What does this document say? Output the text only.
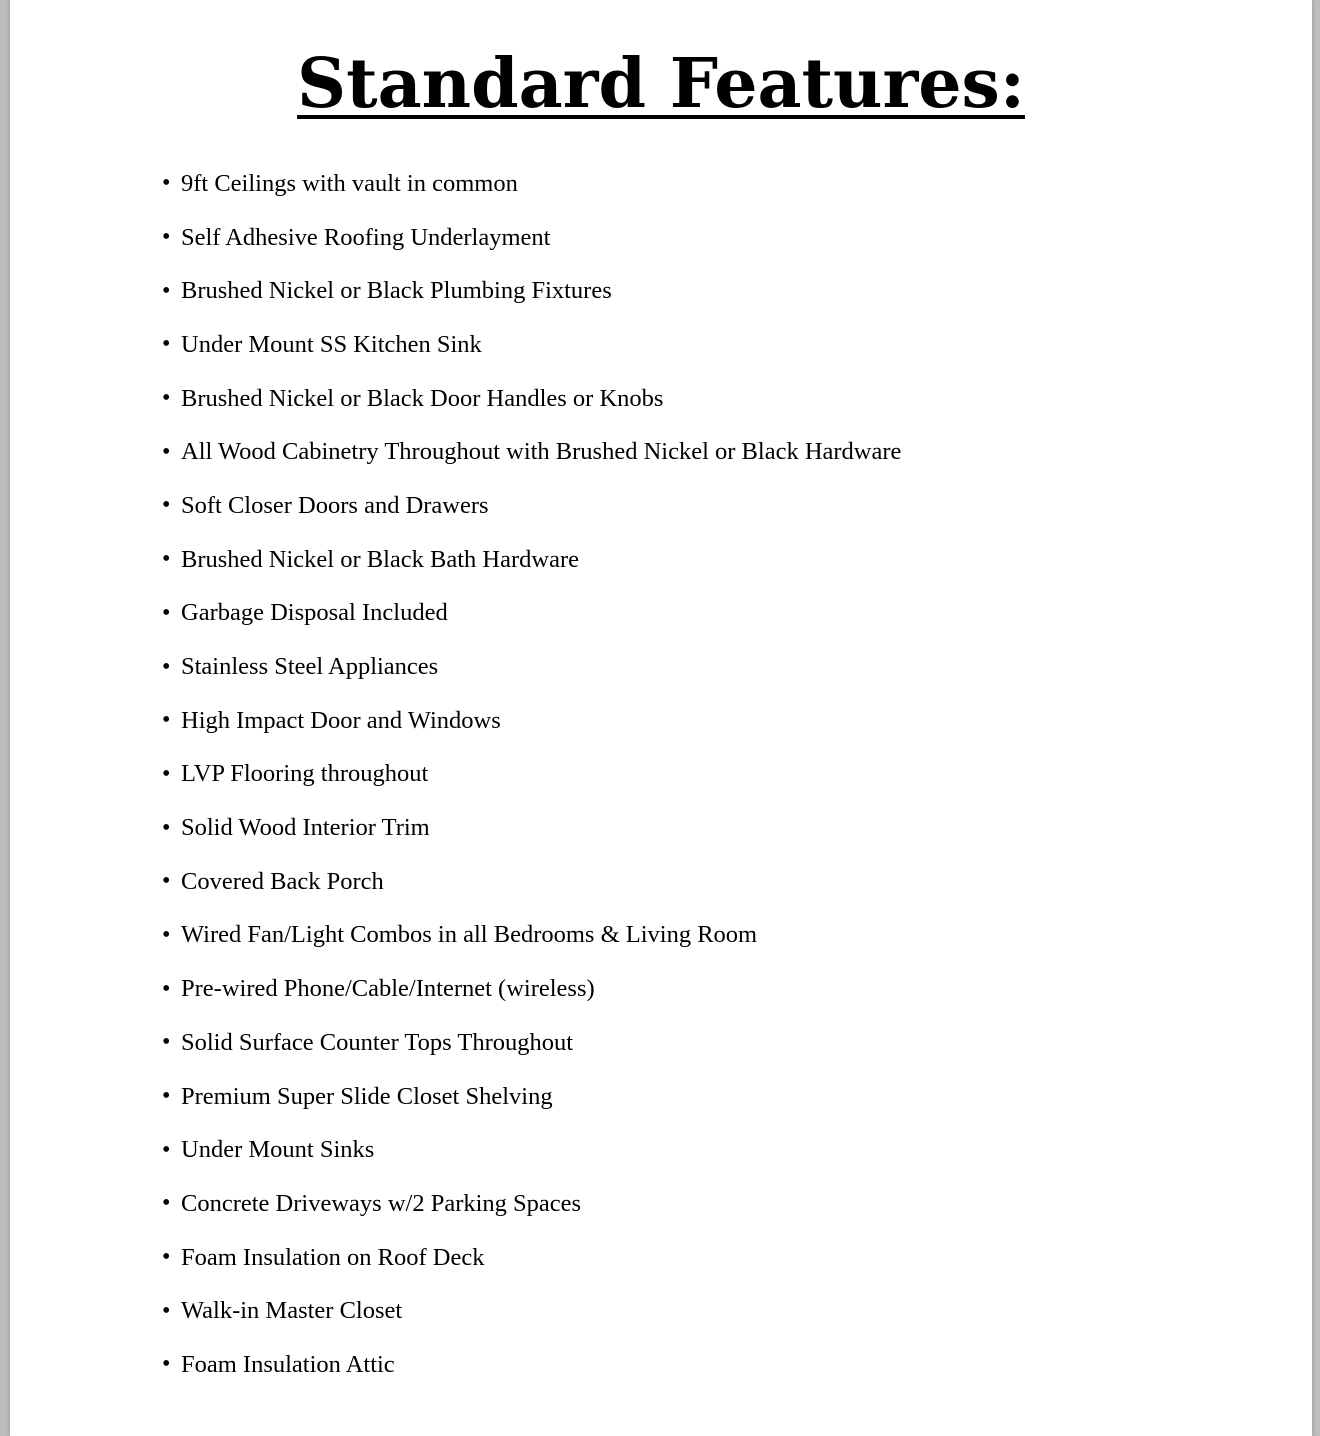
Standard Features:
• 9ft Ceilings with vault in common
• Self Adhesive Roofing Underlayment
• Brushed Nickel or Black Plumbing Fixtures
• Under Mount SS Kitchen Sink
• Brushed Nickel or Black Door Handles or Knobs
• All Wood Cabinetry Throughout with Brushed Nickel or Black Hardware
• Soft Closer Doors and Drawers
• Brushed Nickel or Black Bath Hardware
• Garbage Disposal Included
• Stainless Steel Appliances
• High Impact Door and Windows
• LVP Flooring throughout
• Solid Wood Interior Trim
• Covered Back Porch
• Wired Fan/Light Combos in all Bedrooms & Living Room
• Pre-wired Phone/Cable/Internet (wireless)
• Solid Surface Counter Tops Throughout
• Premium Super Slide Closet Shelving
• Under Mount Sinks
• Concrete Driveways w/2 Parking Spaces
• Foam Insulation on Roof Deck
• Walk-in Master Closet
• Foam Insulation Attic
